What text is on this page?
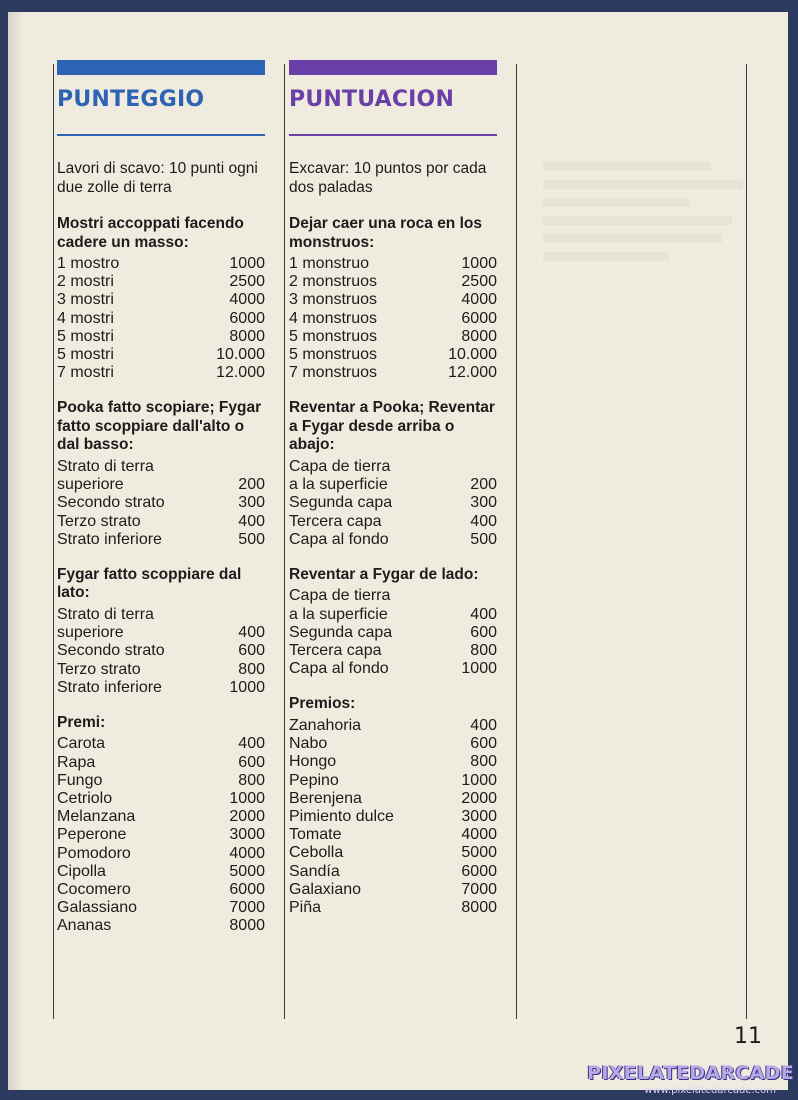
PUNTEGGIO
Lavori di scavo: 10 punti ogni due zolle di terra
Mostri accoppati facendo cadere un masso:
1 mostro	1000
2 mostri	2500
3 mostri	4000
4 mostri	6000
5 mostri	8000
5 mostri	10.000
7 mostri	12.000
Pooka fatto scopiare; Fygar fatto scoppiare dall'alto o dal basso:
Strato di terra
superiore	200
Secondo strato	300
Terzo strato	400
Strato inferiore	500
Fygar fatto scoppiare dal lato:
Strato di terra
superiore	400
Secondo strato	600
Terzo strato	800
Strato inferiore	1000
Premi:
Carota	400
Rapa	600
Fungo	800
Cetriolo	1000
Melanzana	2000
Peperone	3000
Pomodoro	4000
Cipolla	5000
Cocomero	6000
Galassiano	7000
Ananas	8000
PUNTUACION
Excavar: 10 puntos por cada dos paladas
Dejar caer una roca en los monstruos:
1 monstruo	1000
2 monstruos	2500
3 monstruos	4000
4 monstruos	6000
5 monstruos	8000
5 monstruos	10.000
7 monstruos	12.000
Reventar a Pooka; Reventar a Fygar desde arriba o abajo:
Capa de tierra
a la superficie	200
Segunda capa	300
Tercera capa	400
Capa al fondo	500
Reventar a Fygar de lado:
Capa de tierra
a la superficie	400
Segunda capa	600
Tercera capa	800
Capa al fondo	1000
Premios:
Zanahoria	400
Nabo	600
Hongo	800
Pepino	1000
Berenjena	2000
Pimiento dulce	3000
Tomate	4000
Cebolla	5000
Sandía	6000
Galaxiano	7000
Piña	8000
11
PIXELATEDARCADE
www.pixelatedarcade.com
